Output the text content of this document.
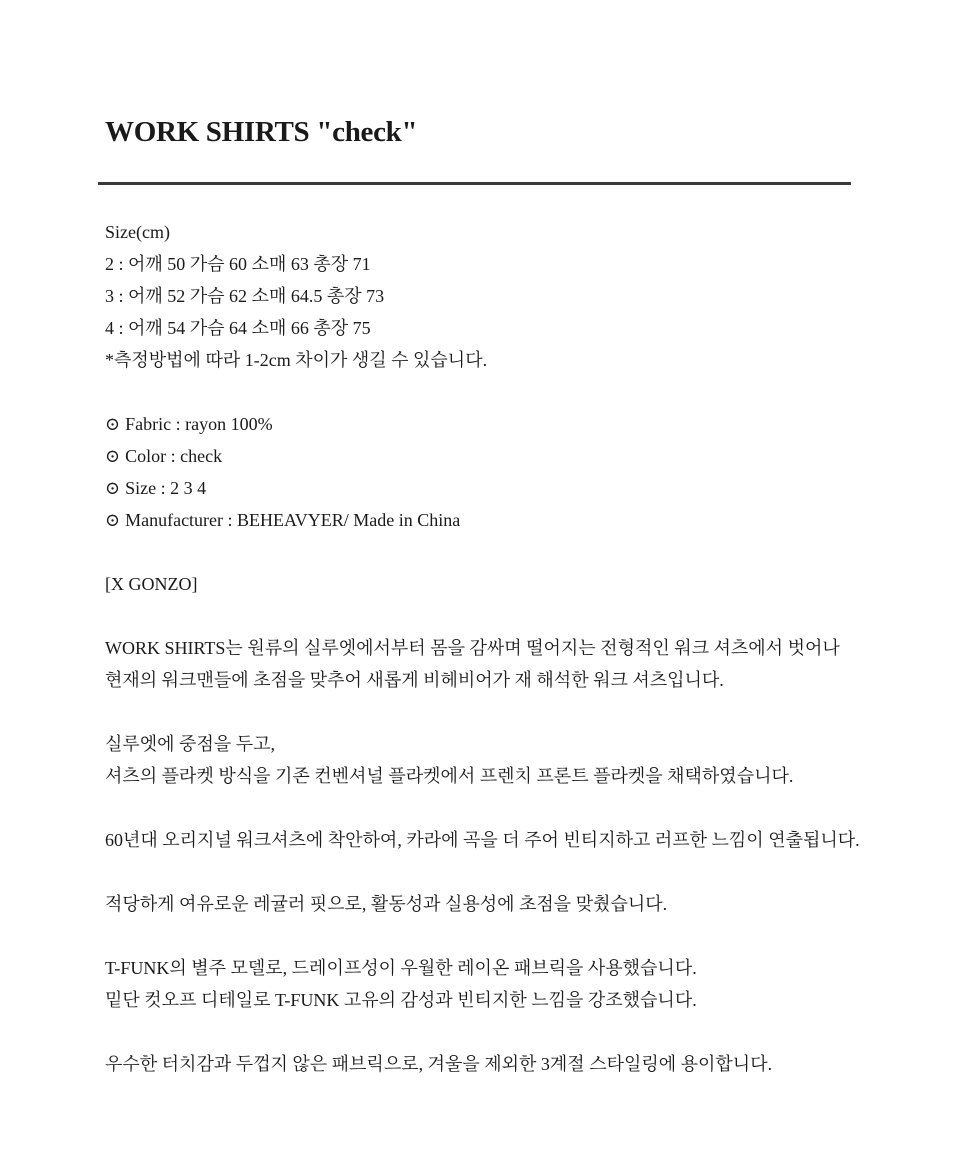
WORK SHIRTS "check"
Size(cm)
2 : 어깨 50 가슴 60 소매 63 총장 71
3 : 어깨 52 가슴 62 소매 64.5 총장 73
4 : 어깨 54 가슴 64 소매 66 총장 75
*측정방법에 따라 1-2cm 차이가 생길 수 있습니다.
⊙ Fabric : rayon 100%
⊙ Color : check
⊙ Size : 2 3 4
⊙ Manufacturer : BEHEAVYER/ Made in China
[X GONZO]
WORK SHIRTS는 원류의 실루엣에서부터 몸을 감싸며 떨어지는 전형적인 워크 셔츠에서 벗어나
현재의 워크맨들에 초점을 맞추어 새롭게 비헤비어가 재 해석한 워크 셔츠입니다.
실루엣에 중점을 두고,
셔츠의 플라켓 방식을 기존 컨벤셔널 플라켓에서 프렌치 프론트 플라켓을 채택하였습니다.
60년대 오리지널 워크셔츠에 착안하여, 카라에 곡을 더 주어 빈티지하고 러프한 느낌이 연출됩니다.
적당하게 여유로운 레귤러 핏으로, 활동성과 실용성에 초점을 맞췄습니다.
T-FUNK의 별주 모델로, 드레이프성이 우월한 레이온 패브릭을 사용했습니다.
밑단 컷오프 디테일로 T-FUNK 고유의 감성과 빈티지한 느낌을 강조했습니다.
우수한 터치감과 두껍지 않은 패브릭으로, 겨울을 제외한 3계절 스타일링에 용이합니다.
